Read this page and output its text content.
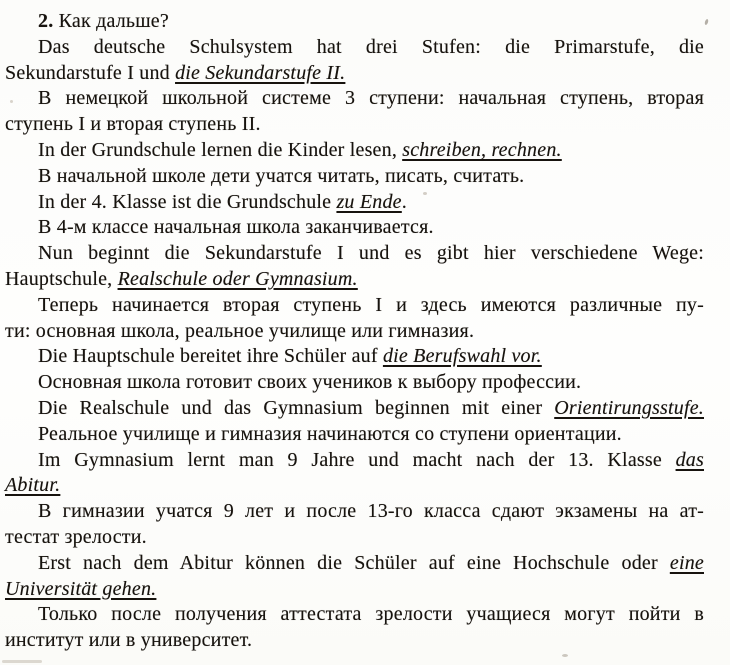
2. Как дальше?
Das deutsche Schulsystem hat drei Stufen: die Primarstufe, die
Sekundarstufe I und die Sekundarstufe II.
В немецкой школьной системе 3 ступени: начальная ступень, вторая
ступень I и вторая ступень II.
In der Grundschule lernen die Kinder lesen, schreiben, rechnen.
В начальной школе дети учатся читать, писать, считать.
In der 4. Klasse ist die Grundschule zu Ende.
В 4-м классе начальная школа заканчивается.
Nun beginnt die Sekundarstufe I und es gibt hier verschiedene Wege:
Hauptschule, Realschule oder Gymnasium.
Теперь начинается вторая ступень I и здесь имеются различные пу-
ти: основная школа, реальное училище или гимназия.
Die Hauptschule bereitet ihre Schüler auf die Berufswahl vor.
Основная школа готовит своих учеников к выбору профессии.
Die Realschule und das Gymnasium beginnen mit einer Orientirungsstufe.
Реальное училище и гимназия начинаются со ступени ориентации.
Im Gymnasium lernt man 9 Jahre und macht nach der 13. Klasse das
Abitur.
В гимназии учатся 9 лет и после 13-го класса сдают экзамены на ат-
тестат зрелости.
Erst nach dem Abitur können die Schüler auf eine Hochschule oder eine
Universität gehen.
Только после получения аттестата зрелости учащиеся могут пойти в
институт или в университет.
